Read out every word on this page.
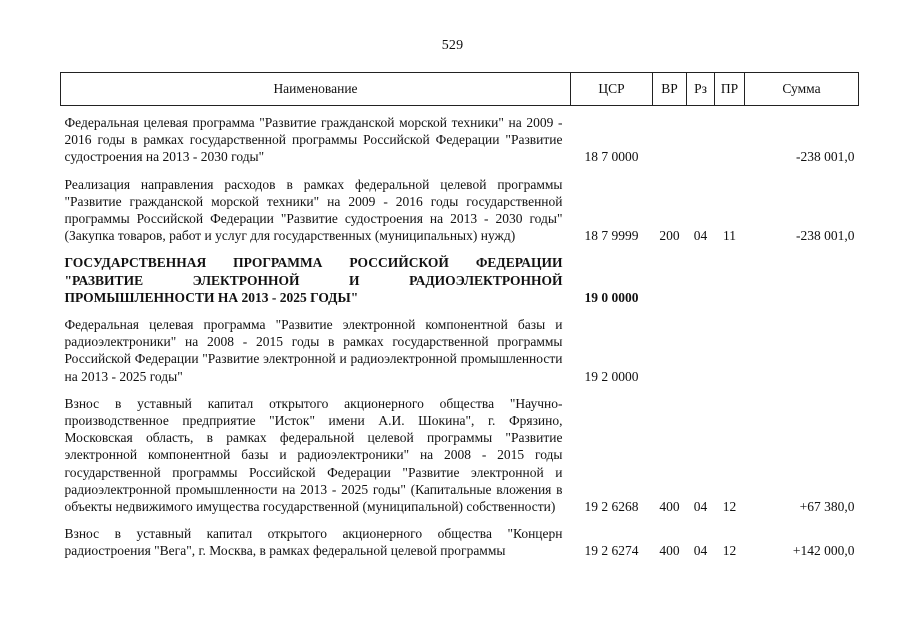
529
Наименование	ЦСР	ВР	Рз	ПР	Сумма

Федеральная целевая программа "Развитие гражданской морской техники" на 2009 - 2016 годы в рамках государственной программы Российской Федерации "Развитие судостроения на 2013 - 2030 годы"	18 7 0000				-238 001,0

Реализация направления расходов в рамках федеральной целевой программы "Развитие гражданской морской техники" на 2009 - 2016 годы государственной программы Российской Федерации "Развитие судостроения на 2013 - 2030 годы" (Закупка товаров, работ и услуг для государственных (муниципальных) нужд)	18 7 9999	200	04	11	-238 001,0

ГОСУДАРСТВЕННАЯ ПРОГРАММА РОССИЙСКОЙ ФЕДЕРАЦИИ "РАЗВИТИЕ ЭЛЕКТРОННОЙ И РАДИОЭЛЕКТРОННОЙ ПРОМЫШЛЕННОСТИ НА 2013 - 2025 ГОДЫ"	19 0 0000				

Федеральная целевая программа "Развитие электронной компонентной базы и радиоэлектроники" на 2008 - 2015 годы в рамках государственной программы Российской Федерации "Развитие электронной и радиоэлектронной промышленности на 2013 - 2025 годы"	19 2 0000				

Взнос в уставный капитал открытого акционерного общества "Научно-производственное предприятие "Исток" имени А.И. Шокина", г. Фрязино, Московская область, в рамках федеральной целевой программы "Развитие электронной компонентной базы и радиоэлектроники" на 2008 - 2015 годы государственной программы Российской Федерации "Развитие электронной и радиоэлектронной промышленности на 2013 - 2025 годы" (Капитальные вложения в объекты недвижимого имущества государственной (муниципальной) собственности)	19 2 6268	400	04	12	+67 380,0

Взнос в уставный капитал открытого акционерного общества "Концерн радиостроения "Вега", г. Москва, в рамках федеральной целевой программы	19 2 6274	400	04	12	+142 000,0
